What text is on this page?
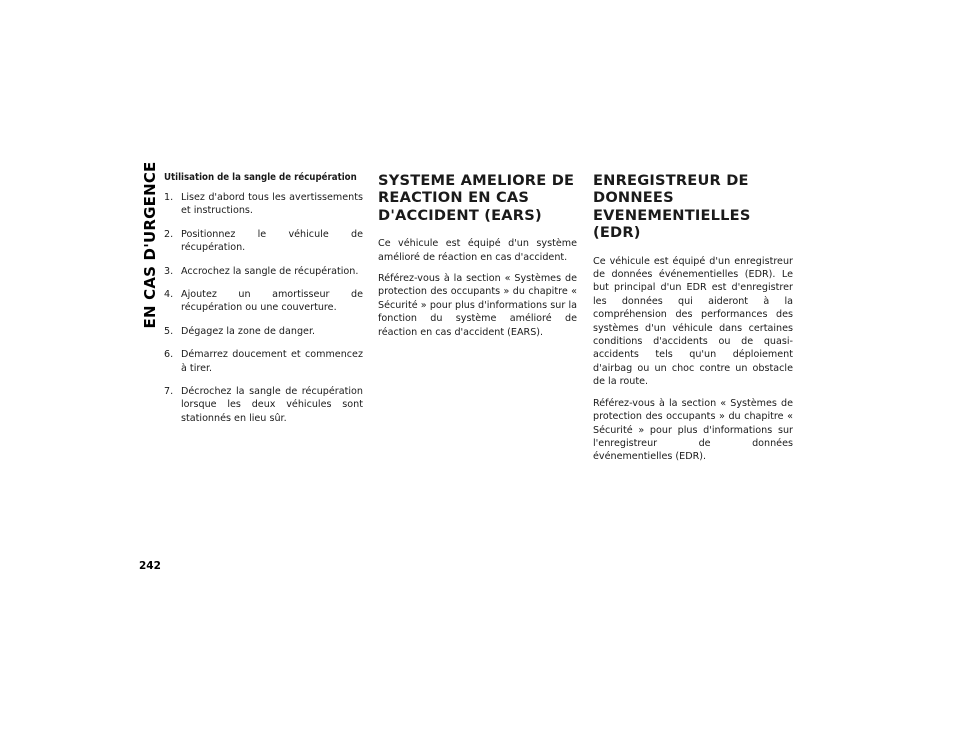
EN CAS D'URGENCE
242
Utilisation de la sangle de récupération
1. Lisez d'abord tous les avertissements et instructions.
2. Positionnez le véhicule de récupération.
3. Accrochez la sangle de récupération.
4. Ajoutez un amortisseur de récupération ou une couverture.
5. Dégagez la zone de danger.
6. Démarrez doucement et commencez à tirer.
7. Décrochez la sangle de récupération lorsque les deux véhicules sont stationnés en lieu sûr.
SYSTEME AMELIORE DE REACTION EN CAS D'ACCIDENT (EARS)

Ce véhicule est équipé d'un système amélioré de réaction en cas d'accident.

Référez-vous à la section « Systèmes de protection des occupants » du chapitre « Sécurité » pour plus d'informations sur la fonction du système amélioré de réaction en cas d'accident (EARS).

ENREGISTREUR DE DONNEES EVENEMENTIELLES (EDR)

Ce véhicule est équipé d'un enregistreur de données événementielles (EDR). Le but principal d'un EDR est d'enregistrer les données qui aideront à la compréhension des performances des systèmes d'un véhicule dans certaines conditions d'accidents ou de quasi-accidents tels qu'un déploiement d'airbag ou un choc contre un obstacle de la route.

Référez-vous à la section « Systèmes de protection des occupants » du chapitre « Sécurité » pour plus d'informations sur l'enregistreur de données événementielles (EDR).
